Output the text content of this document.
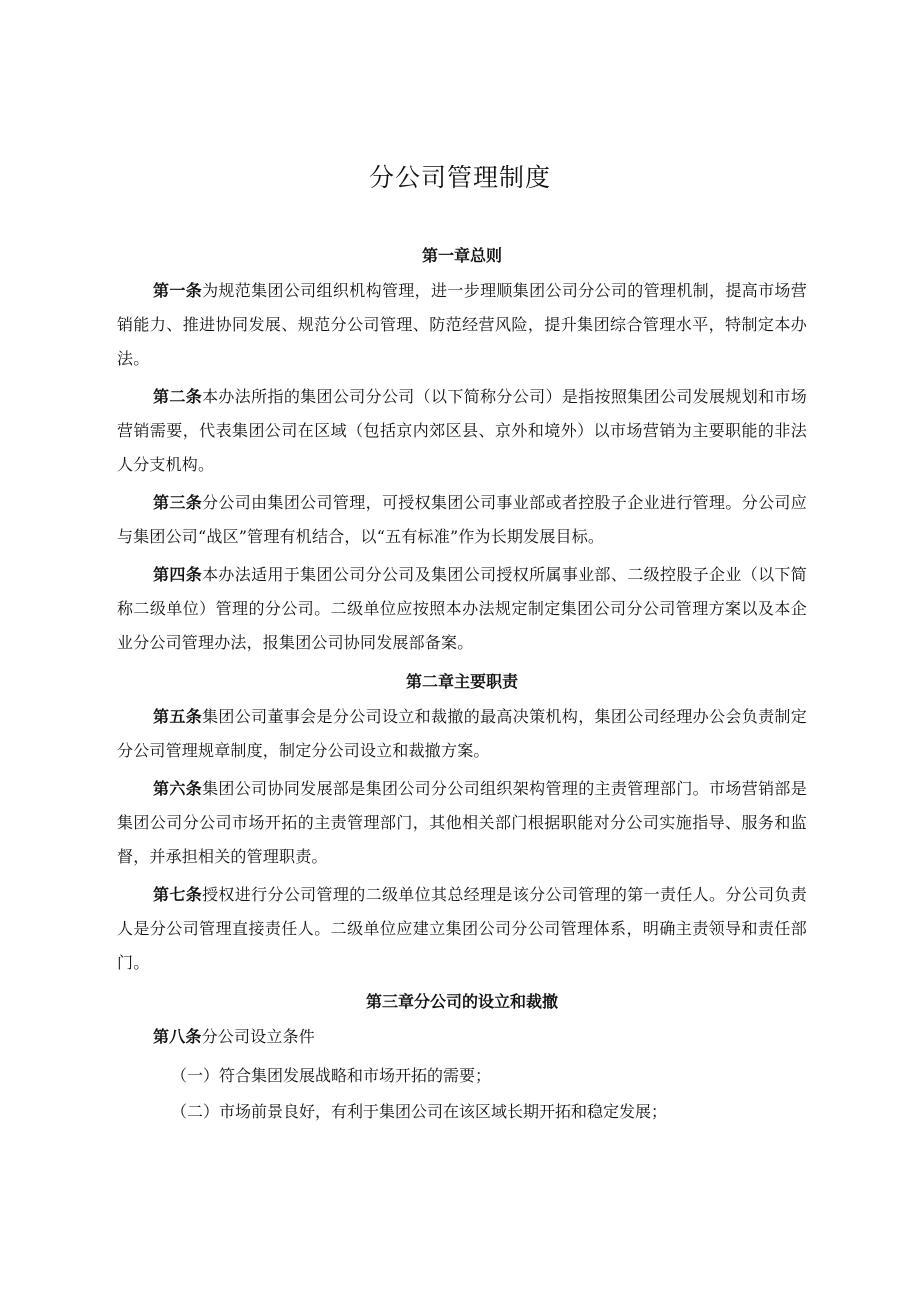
分公司管理制度
第一章总则

第一条为规范集团公司组织机构管理，进一步理顺集团公司分公司的管理机制，提高市场营销能力、推进协同发展、规范分公司管理、防范经营风险，提升集团综合管理水平，特制定本办法。

第二条本办法所指的集团公司分公司（以下简称分公司）是指按照集团公司发展规划和市场营销需要，代表集团公司在区域（包括京内郊区县、京外和境外）以市场营销为主要职能的非法人分支机构。

第三条分公司由集团公司管理，可授权集团公司事业部或者控股子企业进行管理。分公司应与集团公司“战区”管理有机结合，以“五有标准”作为长期发展目标。

第四条本办法适用于集团公司分公司及集团公司授权所属事业部、二级控股子企业（以下简称二级单位）管理的分公司。二级单位应按照本办法规定制定集团公司分公司管理方案以及本企业分公司管理办法，报集团公司协同发展部备案。

第二章主要职责

第五条集团公司董事会是分公司设立和裁撤的最高决策机构，集团公司经理办公会负责制定分公司管理规章制度，制定分公司设立和裁撤方案。

第六条集团公司协同发展部是集团公司分公司组织架构管理的主责管理部门。市场营销部是集团公司分公司市场开拓的主责管理部门，其他相关部门根据职能对分公司实施指导、服务和监督，并承担相关的管理职责。

第七条授权进行分公司管理的二级单位其总经理是该分公司管理的第一责任人。分公司负责人是分公司管理直接责任人。二级单位应建立集团公司分公司管理体系，明确主责领导和责任部门。

第三章分公司的设立和裁撤

第八条分公司设立条件

（一）符合集团发展战略和市场开拓的需要；
（二）市场前景良好，有利于集团公司在该区域长期开拓和稳定发展；
